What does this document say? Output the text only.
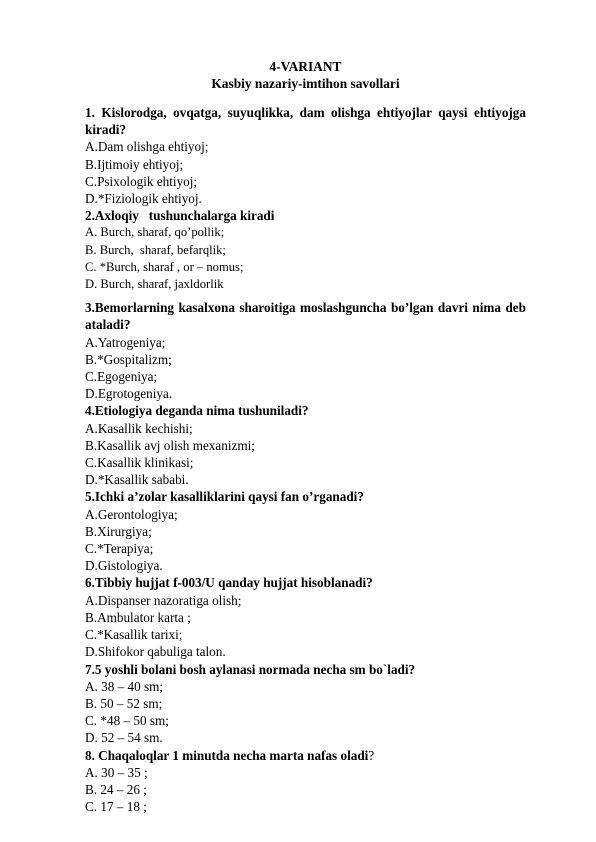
4-VARIANT
Kasbiy nazariy-imtihon savollari
1. Kislorodga, ovqatga, suyuqlikka, dam olishga ehtiyojlar qaysi ehtiyojga kiradi?
A.Dam olishga ehtiyoj;
B.Ijtimoiy ehtiyoj;
C.Psixologik ehtiyoj;
D.*Fiziologik ehtiyoj.
2.Axloqiy   tushunchalarga kiradi
A. Burch, sharaf, qo’pollik;
B. Burch,  sharaf, befarqlik;
C. *Burch, sharaf , or – nomus;
D. Burch, sharaf, jaxldorlik
3.Bemorlarning kasalxona sharoitiga moslashguncha bo’lgan davri nima deb ataladi?
A.Yatrogeniya;
B.*Gospitalizm;
C.Egogeniya;
D.Egrotogeniya.
4.Etiologiya deganda nima tushuniladi?
A.Kasallik kechishi;
B.Kasallik avj olish mexanizmi;
C.Kasallik klinikasi;
D.*Kasallik sababi.
5.Ichki a’zolar kasalliklarini qaysi fan o’rganadi?
A.Gerontologiya;
B.Xirurgiya;
C.*Terapiya;
D.Gistologiya.
6.Tibbiy hujjat f-003/U qanday hujjat hisoblanadi?
A.Dispanser nazoratiga olish;
B.Ambulator karta ;
C.*Kasallik tarixi;
D.Shifokor qabuliga talon.
7.5 yoshli bolani bosh aylanasi normada necha sm bo`ladi?
A. 38 – 40 sm;
B. 50 – 52 sm;
C. *48 – 50 sm;
D. 52 – 54 sm.
8. Chaqaloqlar 1 minutda necha marta nafas oladi?
A. 30 – 35 ;
B. 24 – 26 ;
C. 17 – 18 ;
